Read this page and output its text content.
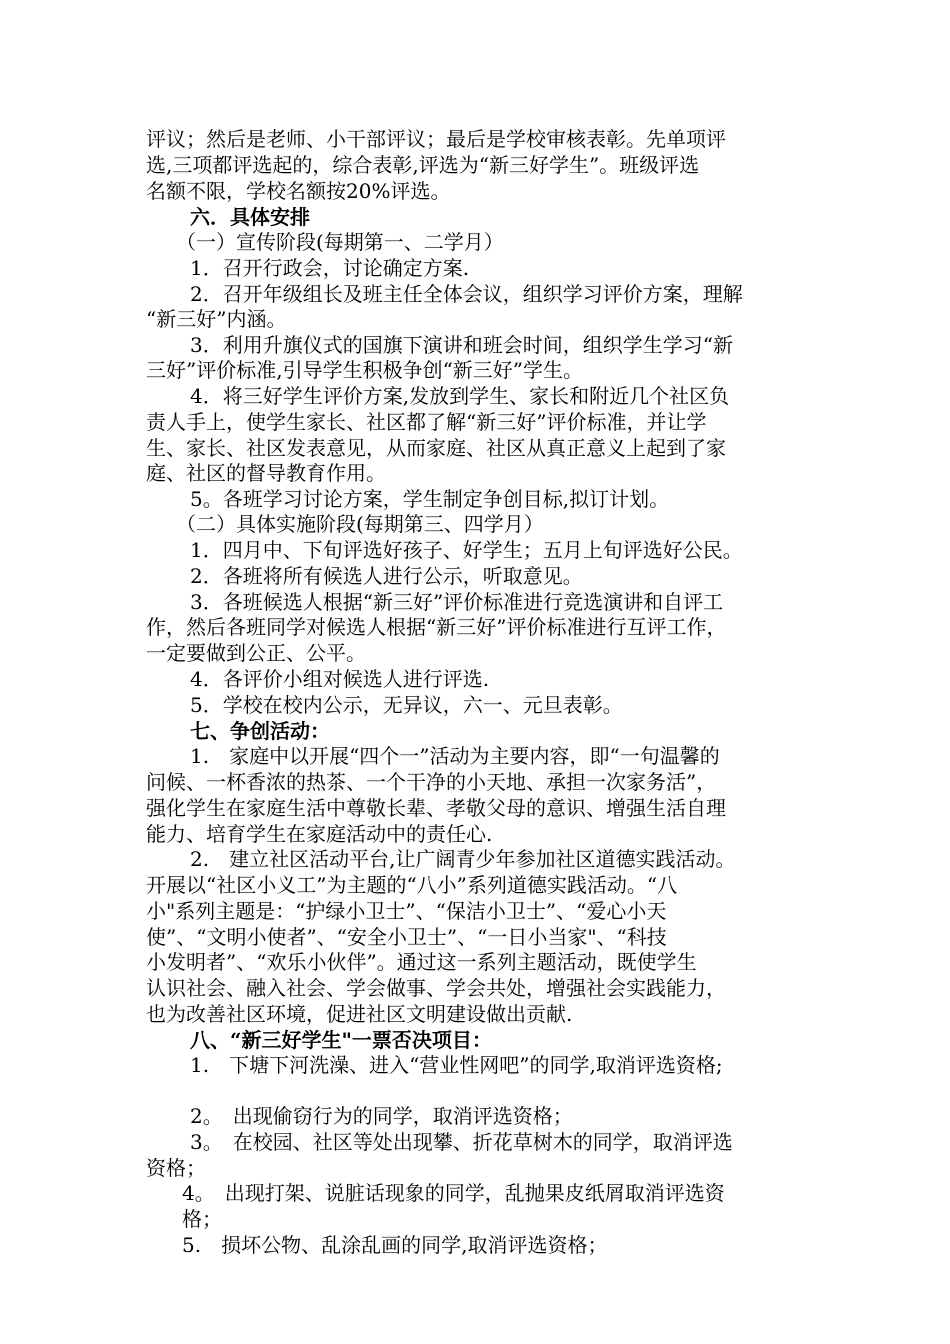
评议；然后是老师、小干部评议；最后是学校审核表彰。先单项评
选,三项都评选起的，综合表彰,评选为“新三好学生”。班级评选
名额不限，学校名额按20%评选。
六．具体安排
（一）宣传阶段(每期第一、二学月）
1．召开行政会，讨论确定方案.
2．召开年级组长及班主任全体会议，组织学习评价方案，理解
“新三好”内涵。
3．利用升旗仪式的国旗下演讲和班会时间，组织学生学习“新
三好”评价标准,引导学生积极争创“新三好”学生。
4．将三好学生评价方案,发放到学生、家长和附近几个社区负
责人手上，使学生家长、社区都了解“新三好”评价标准，并让学
生、家长、社区发表意见，从而家庭、社区从真正意义上起到了家
庭、社区的督导教育作用。
5。各班学习讨论方案，学生制定争创目标,拟订计划。
（二）具体实施阶段(每期第三、四学月）
1．四月中、下旬评选好孩子、好学生；五月上旬评选好公民。
2．各班将所有候选人进行公示，听取意见。
3．各班候选人根据“新三好”评价标准进行竞选演讲和自评工
作，然后各班同学对候选人根据“新三好”评价标准进行互评工作，
一定要做到公正、公平。
4．各评价小组对候选人进行评选.
5．学校在校内公示，无异议，六一、元旦表彰。
七、争创活动：
1.　家庭中以开展“四个一”活动为主要内容，即“一句温馨的
问候、一杯香浓的热茶、一个干净的小天地、承担一次家务活”，
强化学生在家庭生活中尊敬长辈、孝敬父母的意识、增强生活自理
能力、培育学生在家庭活动中的责任心.
2.　建立社区活动平台,让广阔青少年参加社区道德实践活动。
开展以“社区小义工”为主题的“八小”系列道德实践活动。“八
小"系列主题是：“护绿小卫士”、“保洁小卫士”、“爱心小天
使”、“文明小使者”、“安全小卫士”、“一日小当家"、“科技
小发明者”、“欢乐小伙伴”。通过这一系列主题活动，既使学生
认识社会、融入社会、学会做事、学会共处，增强社会实践能力，
也为改善社区环境，促进社区文明建设做出贡献.
八、“新三好学生"一票否决项目：
1.　下塘下河洗澡、进入“营业性网吧”的同学,取消评选资格;
2。　出现偷窃行为的同学，取消评选资格；
3。　在校园、社区等处出现攀、折花草树木的同学，取消评选
资格；
4。　出现打架、说脏话现象的同学，乱抛果皮纸屑取消评选资
格；
5.　损坏公物、乱涂乱画的同学,取消评选资格；
